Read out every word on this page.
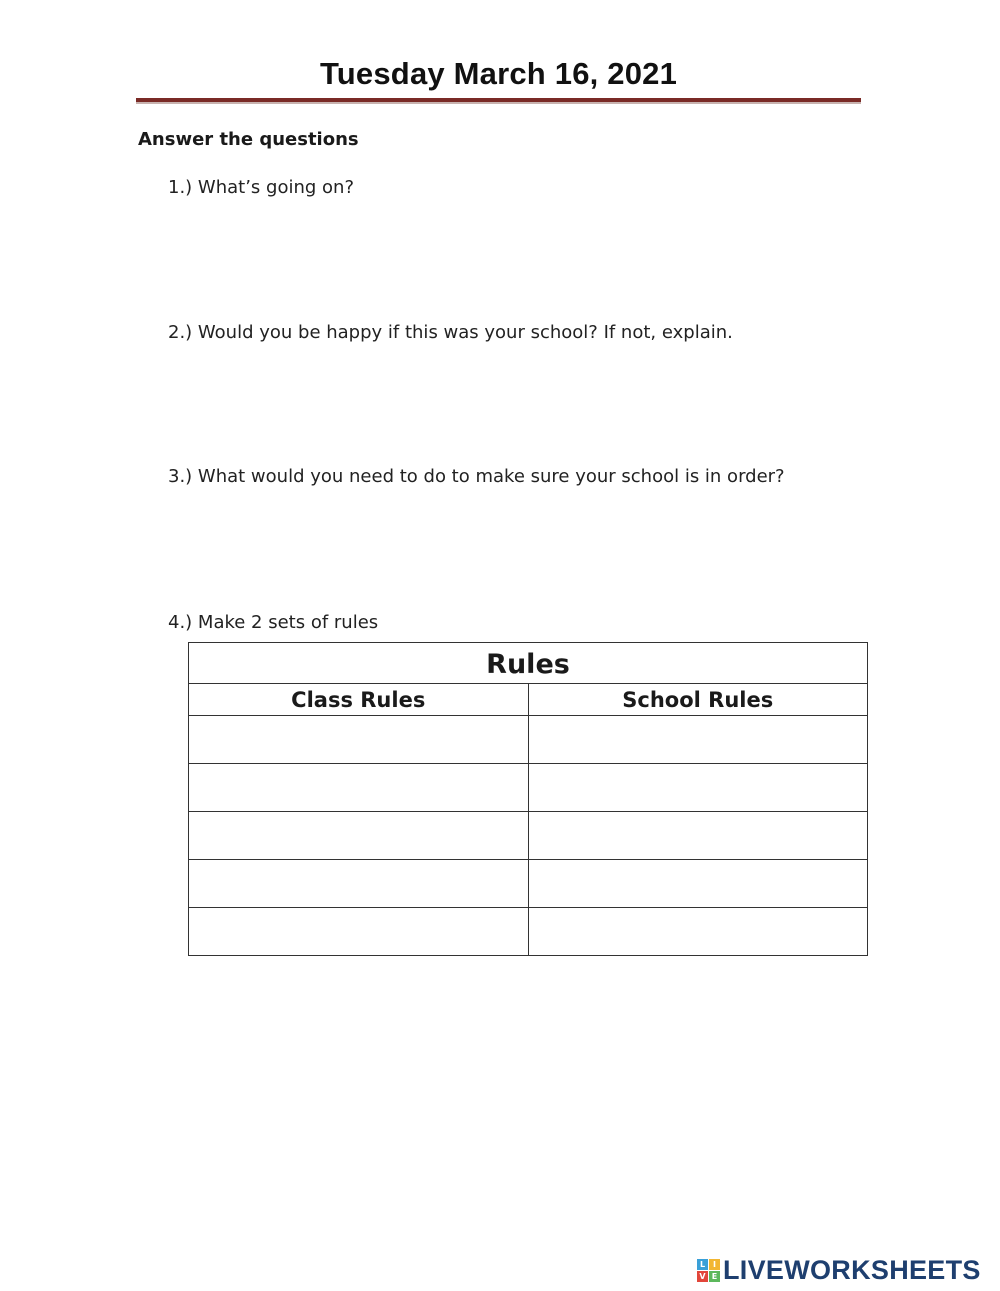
Tuesday March 16, 2021
Answer the questions
1.) What’s going on?
2.) Would you be happy if this was your school? If not, explain.
3.) What would you need to do to make sure your school is in order?
4.) Make 2 sets of rules
Rules	
Class Rules	School Rules

L I
V E LIVEWORKSHEETS
